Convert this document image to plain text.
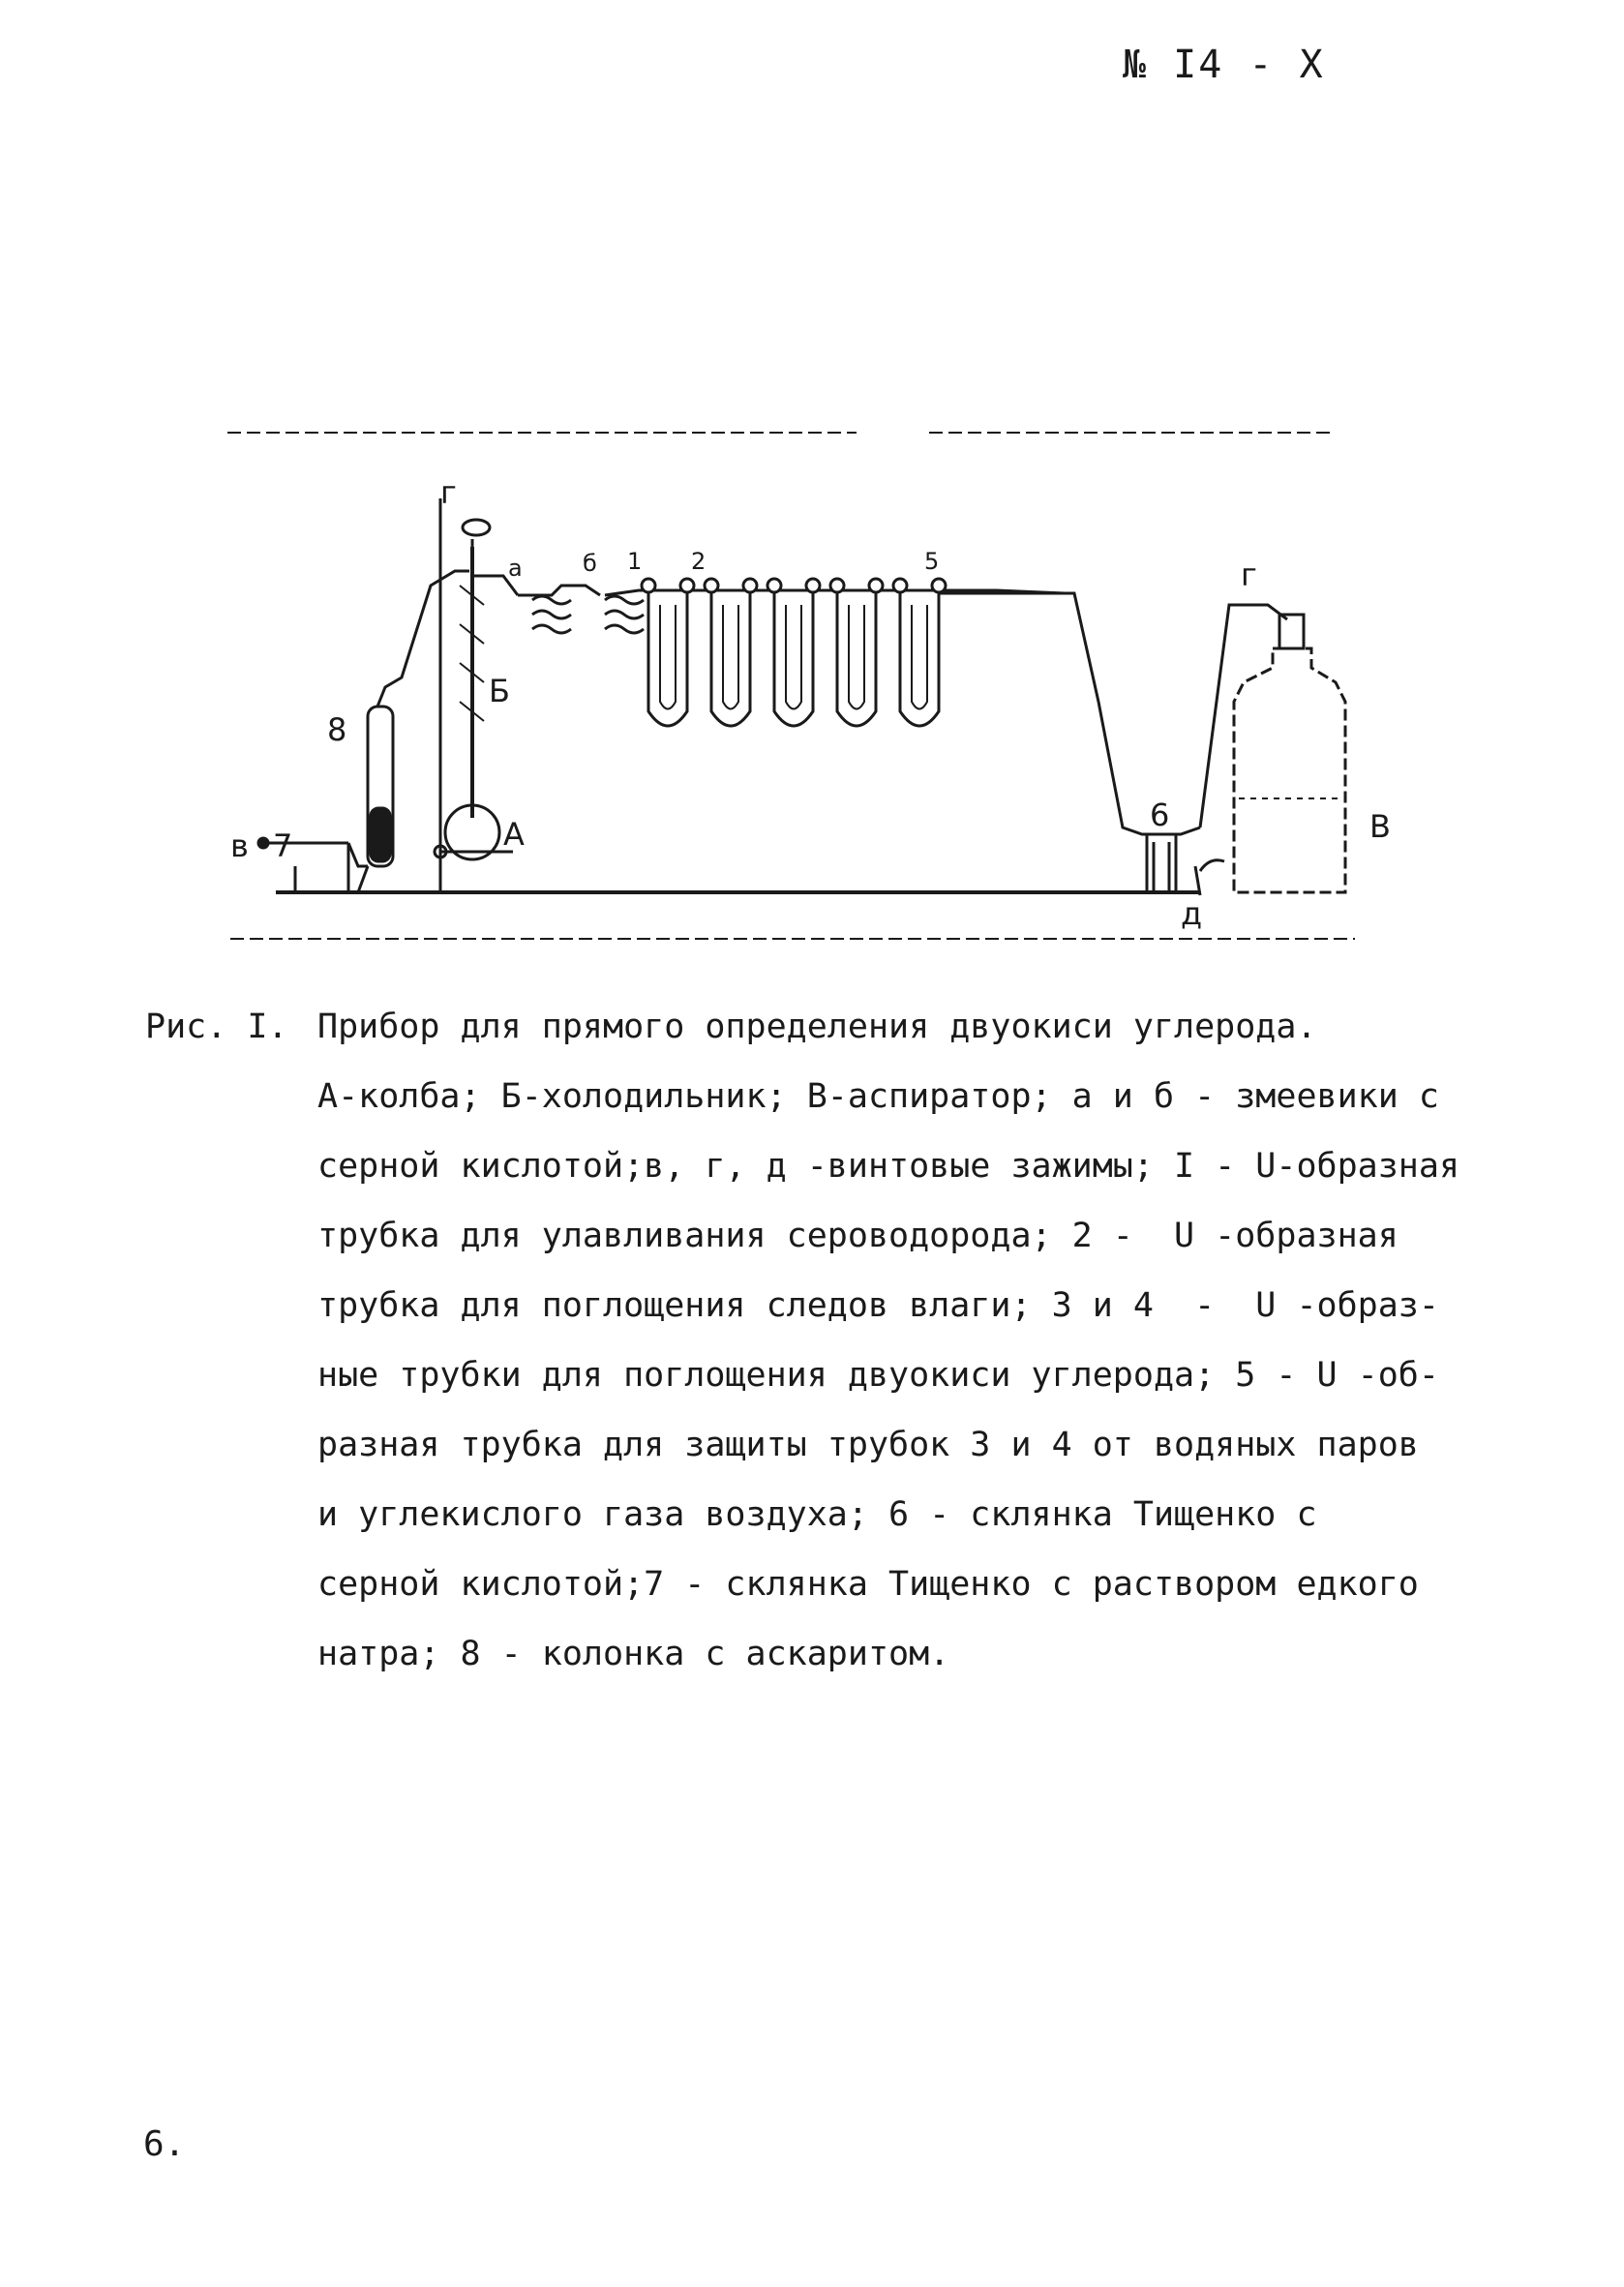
№ I4 - X
в 7
8
А
Б
г
а	б 1 2	5
6
г
В
д
Рис. I. Прибор для прямого определения двуокиси углерода.
А-колба; Б-холодильник; В-аспиратор; а и б - змеевики с
серной кислотой;в, г, д -винтовые зажимы; I - U-образная
трубка для улавливания сероводорода; 2 -  U -образная
трубка для поглощения следов влаги; 3 и 4  -  U -образ-
ные трубки для поглощения двуокиси углерода; 5 - U -об-
разная трубка для защиты трубок 3 и 4 от водяных паров
и углекислого газа воздуха; 6 - склянка Тищенко с
серной кислотой;7 - склянка Тищенко с раствором едкого
натра; 8 - колонка с аскаритом.
6.
